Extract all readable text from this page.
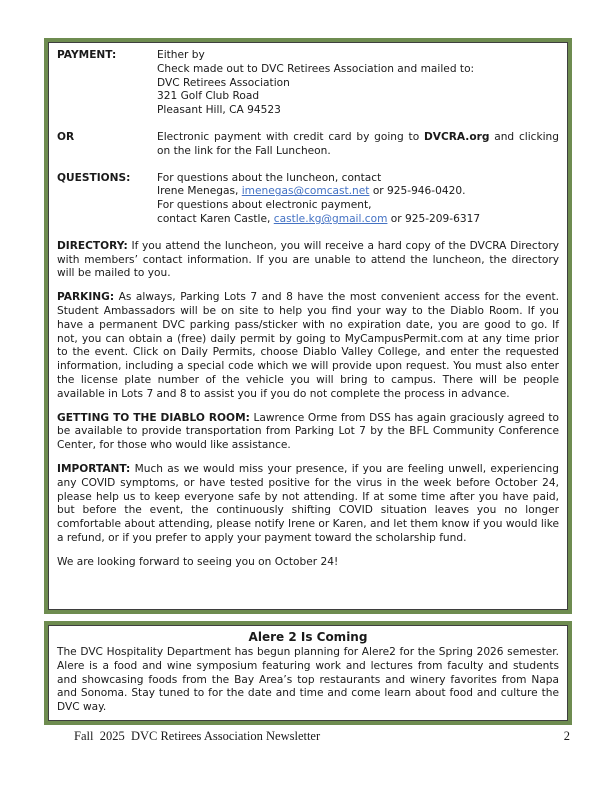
PAYMENT:	Either by
Check made out to DVC Retirees Association and mailed to:
DVC Retirees Association
321 Golf Club Road
Pleasant Hill, CA 94523
OR	Electronic payment with credit card by going to DVCRA.org and clicking on the link for the Fall Luncheon.
QUESTIONS:	For questions about the luncheon, contact
Irene Menegas, imenegas@comcast.net or 925-946-0420.
For questions about electronic payment,
contact Karen Castle, castle.kg@gmail.com or 925-209-6317
DIRECTORY: If you attend the luncheon, you will receive a hard copy of the DVCRA Directory with members’ contact information. If you are unable to attend the luncheon, the directory will be mailed to you.
PARKING: As always, Parking Lots 7 and 8 have the most convenient access for the event. Student Ambassadors will be on site to help you find your way to the Diablo Room. If you have a permanent DVC parking pass/sticker with no expiration date, you are good to go. If not, you can obtain a (free) daily permit by going to MyCampusPermit.com at any time prior to the event. Click on Daily Permits, choose Diablo Valley College, and enter the requested information, including a special code which we will provide upon request. You must also enter the license plate number of the vehicle you will bring to campus. There will be people available in Lots 7 and 8 to assist you if you do not complete the process in advance.
GETTING TO THE DIABLO ROOM: Lawrence Orme from DSS has again graciously agreed to be available to provide transportation from Parking Lot 7 by the BFL Community Conference Center, for those who would like assistance.
IMPORTANT: Much as we would miss your presence, if you are feeling unwell, experiencing any COVID symptoms, or have tested positive for the virus in the week before October 24, please help us to keep everyone safe by not attending. If at some time after you have paid, but before the event, the continuously shifting COVID situation leaves you no longer comfortable about attending, please notify Irene or Karen, and let them know if you would like a refund, or if you prefer to apply your payment toward the scholarship fund.
We are looking forward to seeing you on October 24!
Alere 2 Is Coming
The DVC Hospitality Department has begun planning for Alere2 for the Spring 2026 semester. Alere is a food and wine symposium featuring work and lectures from faculty and students and showcasing foods from the Bay Area’s top restaurants and winery favorites from Napa and Sonoma. Stay tuned to for the date and time and come learn about food and culture the DVC way.
Fall  2025  DVC Retirees Association Newsletter	2
